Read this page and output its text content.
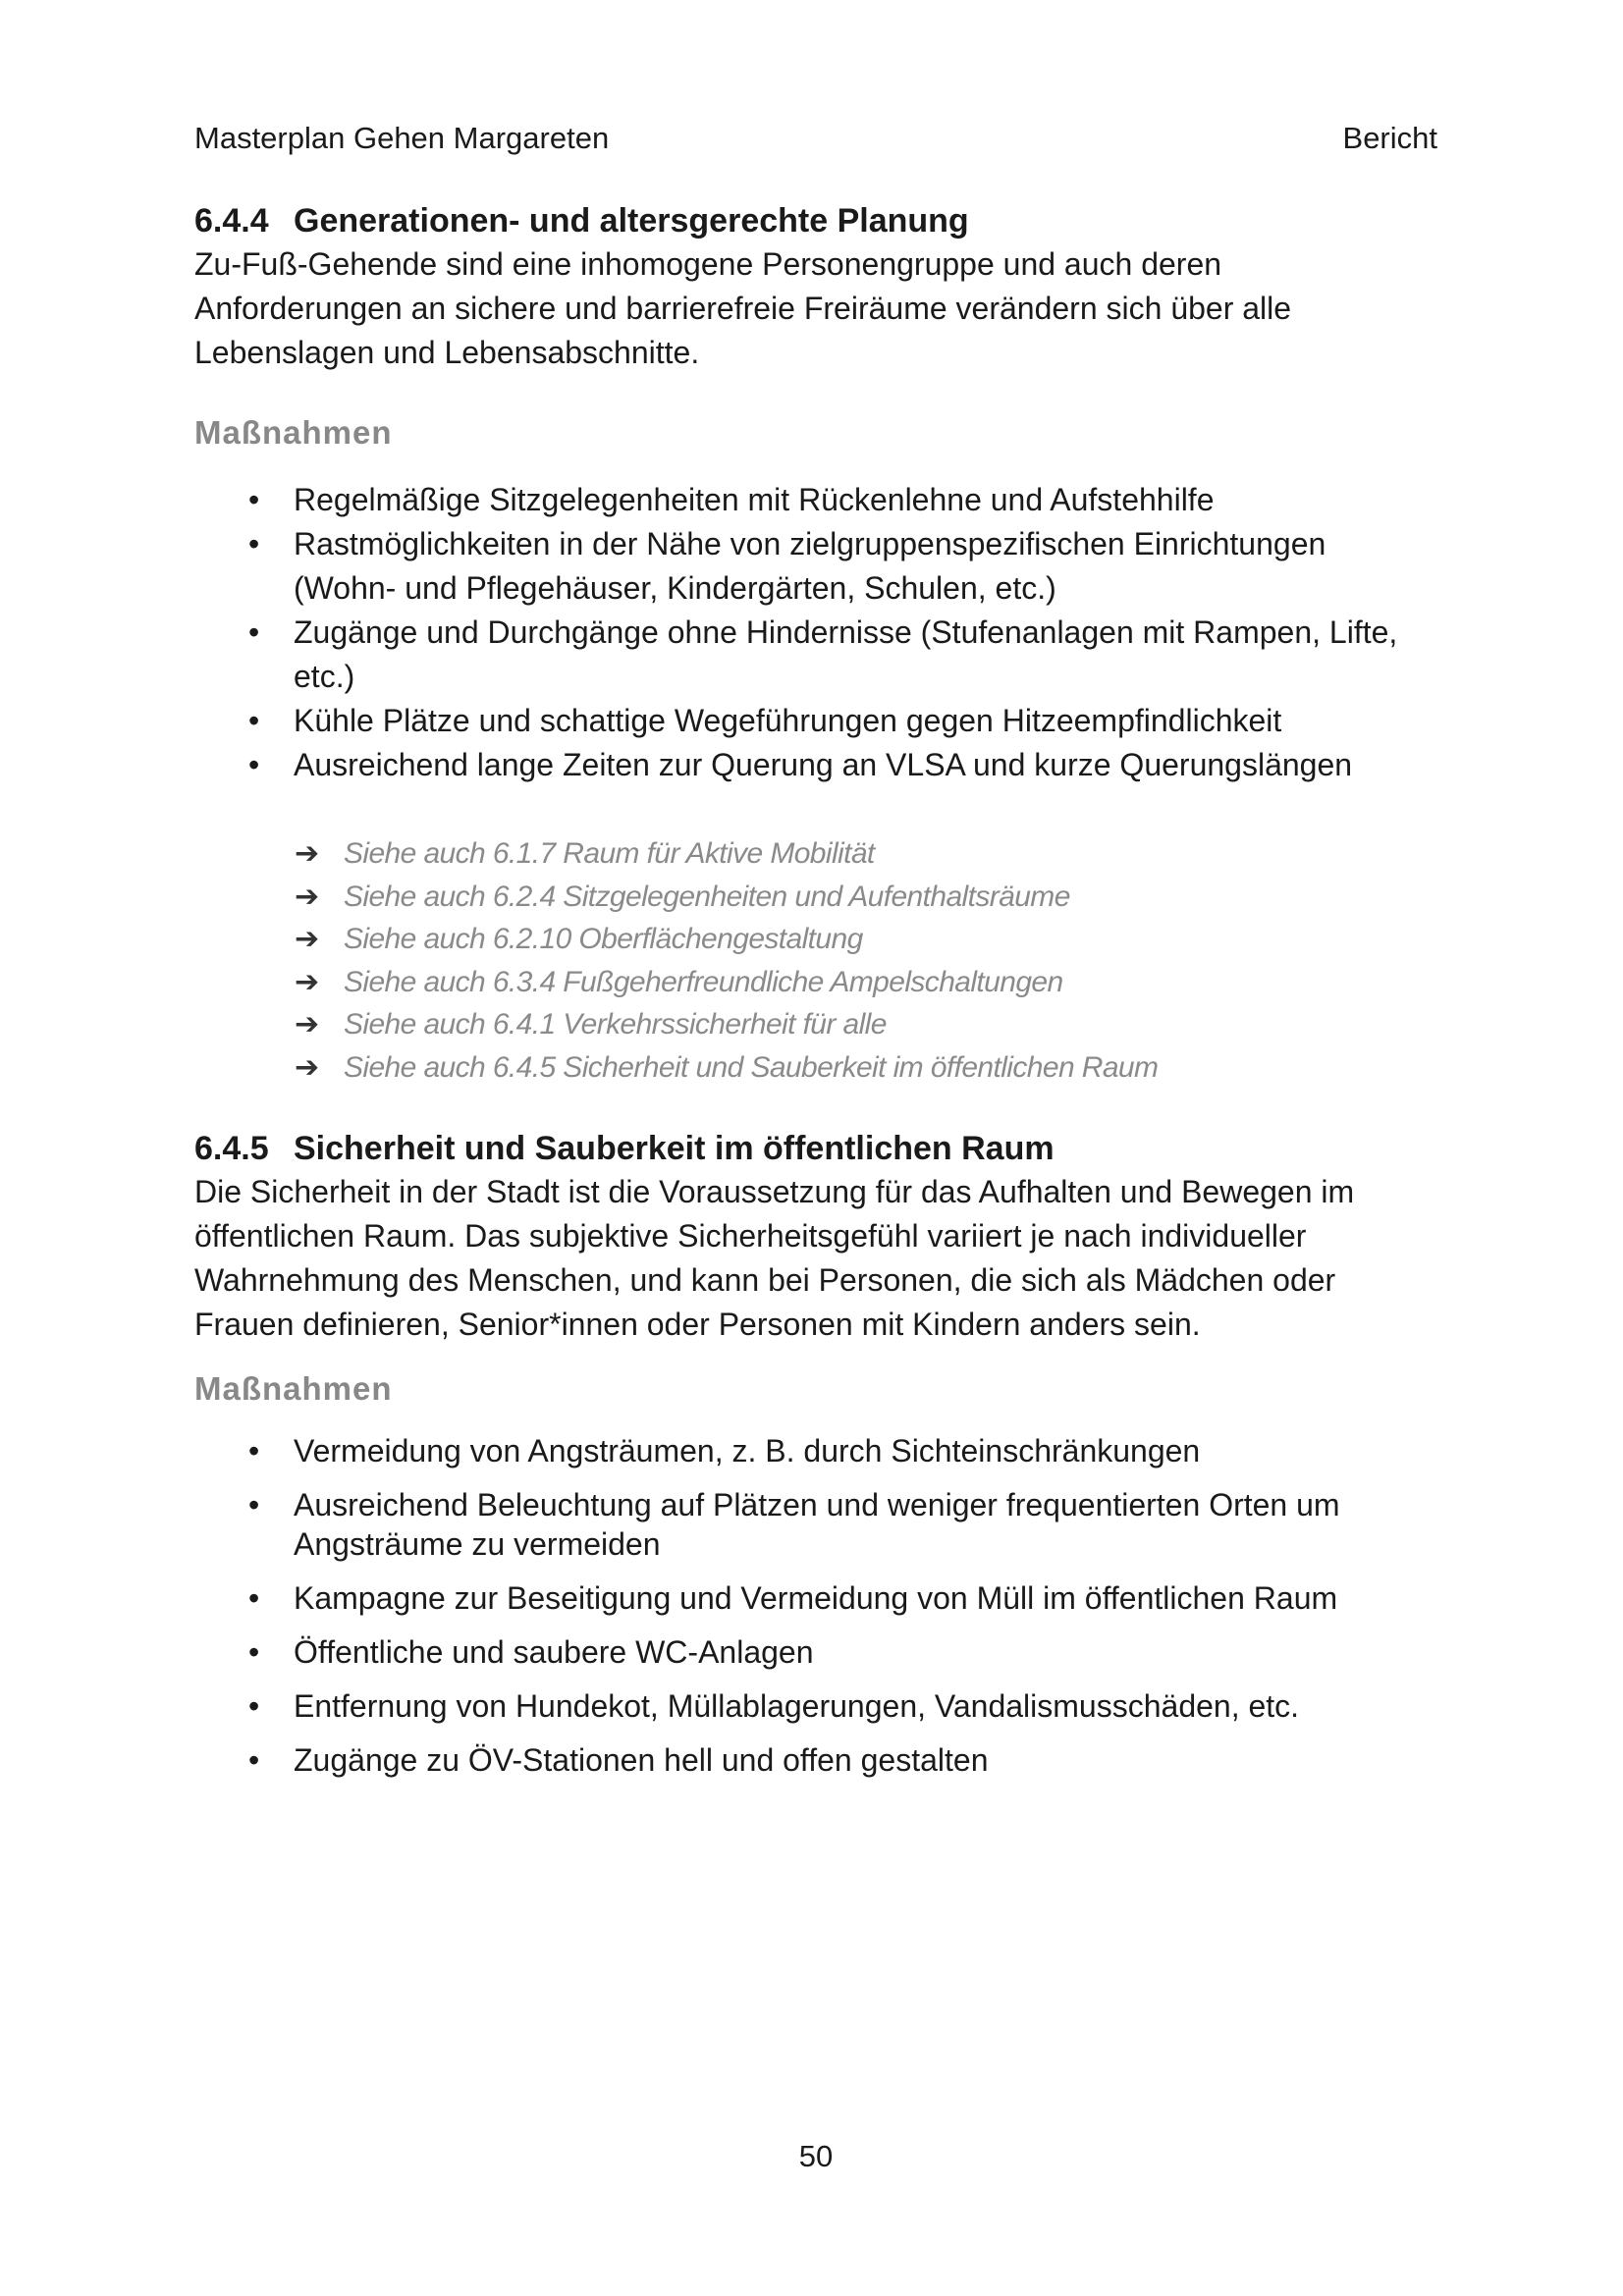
Masterplan Gehen Margareten	Bericht
6.4.4 Generationen- und altersgerechte Planung

Zu-Fuß-Gehende sind eine inhomogene Personengruppe und auch deren
Anforderungen an sichere und barrierefreie Freiräume verändern sich über alle
Lebenslagen und Lebensabschnitte.

Maßnahmen
• Regelmäßige Sitzgelegenheiten mit Rückenlehne und Aufstehhilfe
• Rastmöglichkeiten in der Nähe von zielgruppenspezifischen Einrichtungen
(Wohn- und Pflegehäuser, Kindergärten, Schulen, etc.)
• Zugänge und Durchgänge ohne Hindernisse (Stufenanlagen mit Rampen, Lifte,
etc.)
• Kühle Plätze und schattige Wegeführungen gegen Hitzeempfindlichkeit
• Ausreichend lange Zeiten zur Querung an VLSA und kurze Querungslängen
➔ Siehe auch 6.1.7 Raum für Aktive Mobilität
➔ Siehe auch 6.2.4 Sitzgelegenheiten und Aufenthaltsräume
➔ Siehe auch 6.2.10 Oberflächengestaltung
➔ Siehe auch 6.3.4 Fußgeherfreundliche Ampelschaltungen
➔ Siehe auch 6.4.1 Verkehrssicherheit für alle
➔ Siehe auch 6.4.5 Sicherheit und Sauberkeit im öffentlichen Raum
6.4.5 Sicherheit und Sauberkeit im öffentlichen Raum

Die Sicherheit in der Stadt ist die Voraussetzung für das Aufhalten und Bewegen im
öffentlichen Raum. Das subjektive Sicherheitsgefühl variiert je nach individueller
Wahrnehmung des Menschen, und kann bei Personen, die sich als Mädchen oder
Frauen definieren, Senior*innen oder Personen mit Kindern anders sein.

Maßnahmen
• Vermeidung von Angsträumen, z. B. durch Sichteinschränkungen
• Ausreichend Beleuchtung auf Plätzen und weniger frequentierten Orten um
Angsträume zu vermeiden
• Kampagne zur Beseitigung und Vermeidung von Müll im öffentlichen Raum
• Öffentliche und saubere WC-Anlagen
• Entfernung von Hundekot, Müllablagerungen, Vandalismusschäden, etc.
• Zugänge zu ÖV-Stationen hell und offen gestalten
50
